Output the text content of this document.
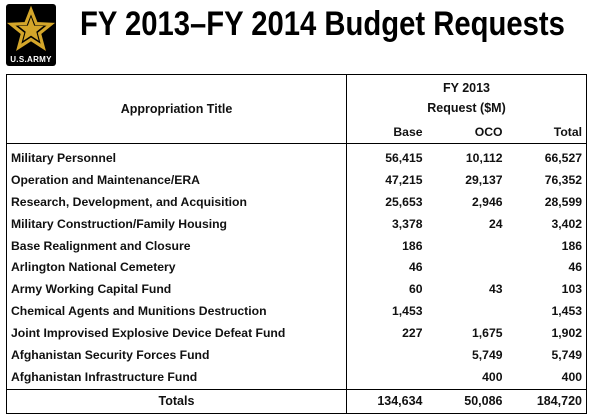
U.S.ARMY
FY 2013–FY 2014 Budget Requests
Appropriation Title	FY 2013
Request ($M)		

	Base	OCO	Total
Military Personnel	56,415	10,112	66,527
Operation and Maintenance/ERA	47,215	29,137	76,352
Research, Development, and Acquisition	25,653	2,946	28,599
Military Construction/Family Housing	3,378	24	3,402
Base Realignment and Closure	186		186
Arlington National Cemetery	46		46
Army Working Capital Fund	60	43	103
Chemical Agents and Munitions Destruction	1,453		1,453
Joint Improvised Explosive Device Defeat Fund	227	1,675	1,902
Afghanistan Security Forces Fund		5,749	5,749
Afghanistan Infrastructure Fund		400	400
Totals	134,634	50,086	184,720
